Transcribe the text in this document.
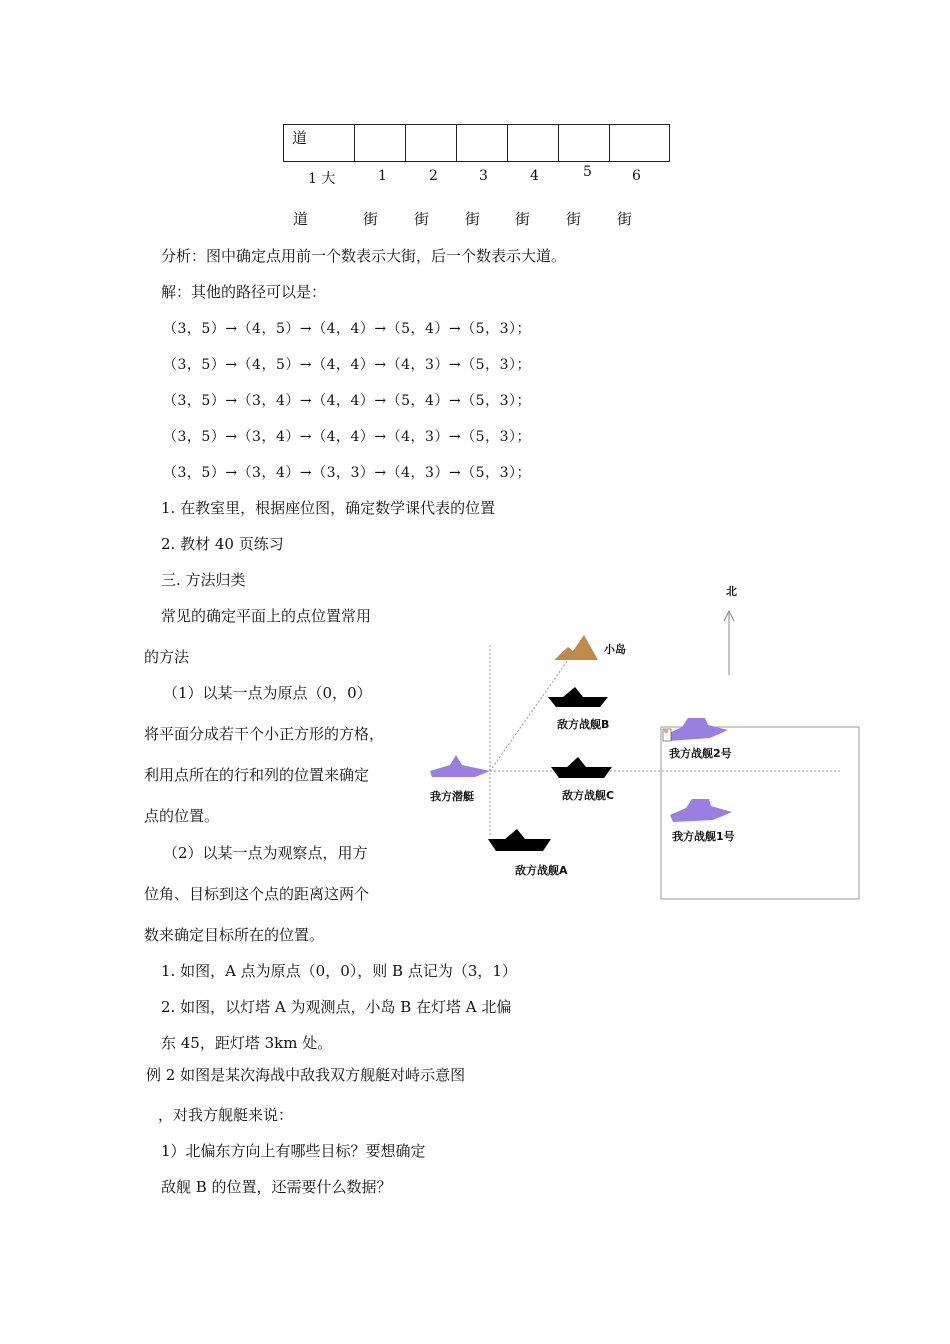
道						
1 大	1	2	3	4	5	6
道	街 街 街 街 街 街
分析：图中确定点用前一个数表示大街，后一个数表示大道。
解：其他的路径可以是：
（3，5）→（4，5）→（4，4）→（5，4）→（5，3）；
（3，5）→（4，5）→（4，4）→（4，3）→（5，3）；
（3，5）→（3，4）→（4，4）→（5，4）→（5，3）；
（3，5）→（3，4）→（4，4）→（4，3）→（5，3）；
（3，5）→（3，4）→（3，3）→（4，3）→（5，3）；
1. 在教室里，根据座位图，确定数学课代表的位置
2. 教材 40 页练习
三. 方法归类
常见的确定平面上的点位置常用
的方法
（1）以某一点为原点（0，0）
将平面分成若干个小正方形的方格，
利用点所在的行和列的位置来确定
点的位置。
（2）以某一点为观察点，用方
位角、目标到这个点的距离这两个
数来确定目标所在的位置。
1. 如图，A 点为原点（0，0），则 B 点记为（3，1）
2. 如图，以灯塔 A 为观测点，小岛 B 在灯塔 A 北偏
东 45，距灯塔 3km 处。
例 2 如图是某次海战中敌我双方舰艇对峙示意图
，对我方舰艇来说：
1）北偏东方向上有哪些目标？要想确定
敌舰 B 的位置，还需要什么数据？
北
小岛
敌方战舰B
敌方战舰C
敌方战舰A
我方潜艇
我方战舰2号
我方战舰1号
